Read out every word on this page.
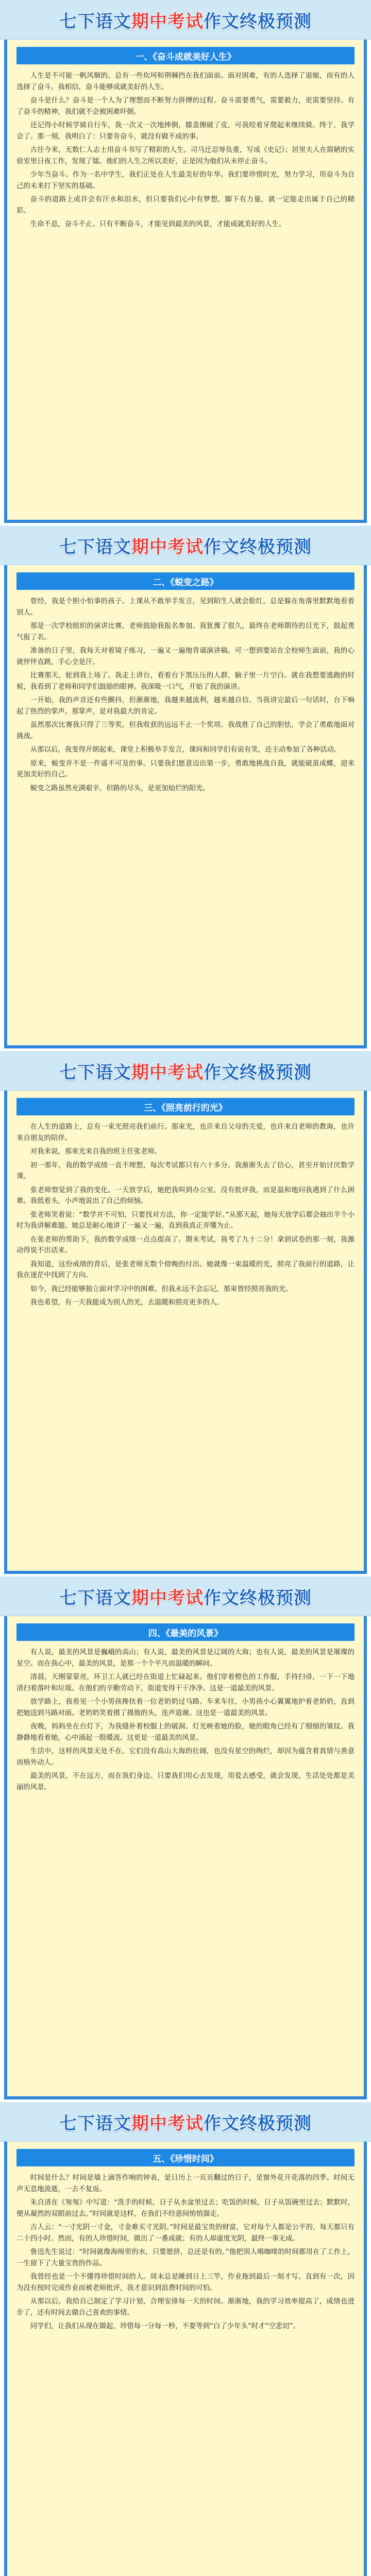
七下语文期中考试作文终极预测
一、《奋斗成就美好人生》

人生是不可能一帆风顺的。总有一些坎坷和荆棘挡在我们面前。面对困难，有的人选择了退缩，而有的人选择了奋斗。我相信，奋斗能够成就美好的人生。

奋斗是什么？奋斗是一个人为了理想而不断努力拼搏的过程。奋斗需要勇气，需要毅力，更需要坚持。有了奋斗的精神，我们就不会被困难吓倒。

还记得小时候学骑自行车，我一次又一次地摔倒，膝盖擦破了皮，可我咬着牙爬起来继续骑。终于，我学会了。那一刻，我明白了：只要肯奋斗，就没有做不成的事。

古往今来，无数仁人志士用奋斗书写了精彩的人生。司马迁忍辱负重，写成《史记》；居里夫人在简陋的实验室里日夜工作，发现了镭。他们的人生之所以美好，正是因为他们从未停止奋斗。

少年当奋斗。作为一名中学生，我们正处在人生最美好的年华。我们要珍惜时光，努力学习，用奋斗为自己的未来打下坚实的基础。

奋斗的道路上或许会有汗水和泪水，但只要我们心中有梦想，脚下有力量，就一定能走出属于自己的精彩。

生命不息，奋斗不止。只有不断奋斗，才能见到最美的风景，才能成就美好的人生。

七下语文期中考试作文终极预测
二、《蜕变之路》

曾经，我是个胆小怕事的孩子。上课从不敢举手发言，见到陌生人就会脸红，总是躲在角落里默默地看着别人。

那是一次学校组织的演讲比赛，老师鼓励我报名参加。我犹豫了很久，最终在老师期待的目光下，鼓起勇气报了名。

准备的日子里，我每天对着镜子练习，一遍又一遍地背诵演讲稿。可一想到要站在全校师生面前，我的心就怦怦直跳，手心全是汗。

比赛那天，轮到我上场了。我走上讲台，看着台下黑压压的人群，脑子里一片空白。就在我想要逃跑的时候，我看到了老师和同学们鼓励的眼神。我深吸一口气，开始了我的演讲。

一开始，我的声音还有些颤抖，但渐渐地，我越来越流利，越来越自信。当我讲完最后一句话时，台下响起了热烈的掌声。那掌声，是对我最大的肯定。

虽然那次比赛我只得了三等奖，但我收获的远远不止一个奖项。我战胜了自己的胆怯，学会了勇敢地面对挑战。

从那以后，我变得开朗起来，课堂上积极举手发言，课间和同学们有说有笑，还主动参加了各种活动。

原来，蜕变并不是一件遥不可及的事。只要我们愿意迈出第一步，勇敢地挑战自我，就能破茧成蝶，迎来更加美好的自己。

蜕变之路虽然充满艰辛，但路的尽头，是更加灿烂的阳光。

七下语文期中考试作文终极预测
三、《照亮前行的光》

在人生的道路上，总有一束光照亮我们前行。那束光，也许来自父母的关爱，也许来自老师的教诲，也许来自朋友的陪伴。

对我来说，那束光来自我的班主任张老师。

初一那年，我的数学成绩一直不理想，每次考试都只有六十多分。我渐渐失去了信心，甚至开始讨厌数学课。

张老师察觉到了我的变化。一天放学后，她把我叫到办公室，没有批评我，而是温和地问我遇到了什么困难。我低着头，小声地说出了自己的烦恼。

张老师笑着说：“数学并不可怕，只要找对方法，你一定能学好。”从那天起，她每天放学后都会抽出半个小时为我讲解难题。她总是耐心地讲了一遍又一遍，直到我真正弄懂为止。

在张老师的帮助下，我的数学成绩一点点提高了。期末考试，我考了九十二分！拿到试卷的那一刻，我激动得说不出话来。

我知道，这份成绩的背后，是张老师无数个傍晚的付出。她就像一束温暖的光，照亮了我前行的道路，让我在迷茫中找到了方向。

如今，我已经能够独立面对学习中的困难。但我永远不会忘记，那束曾经照亮我的光。

我也希望，有一天我能成为别人的光，去温暖和照亮更多的人。

七下语文期中考试作文终极预测
四、《最美的风景》

有人说，最美的风景是巍峨的高山；有人说，最美的风景是辽阔的大海；也有人说，最美的风景是璀璨的星空。而在我心中，最美的风景，是那一个个平凡而温暖的瞬间。

清晨，天刚蒙蒙亮，环卫工人就已经在街道上忙碌起来。他们穿着橙色的工作服，手持扫帚，一下一下地清扫着落叶和垃圾。在他们的辛勤劳动下，街道变得干干净净。这是一道最美的风景。

放学路上，我看见一个小男孩搀扶着一位老奶奶过马路。车来车往，小男孩小心翼翼地护着老奶奶，直到把她送到马路对面。老奶奶笑着摸了摸他的头，连声道谢。这也是一道最美的风景。

夜晚，妈妈坐在台灯下，为我缝补着校服上的破洞。灯光映着她的脸，她的眼角已经有了细细的皱纹。我静静地看着她，心中涌起一股暖流。这更是一道最美的风景。

生活中，这样的风景无处不在。它们没有高山大海的壮阔，也没有星空的绚烂，却因为蕴含着真情与善意而格外动人。

最美的风景，不在远方，而在我们身边。只要我们用心去发现，用爱去感受，就会发现，生活处处都是美丽的风景。

七下语文期中考试作文终极预测
五、《珍惜时间》

时间是什么？时间是墙上滴答作响的钟表，是日历上一页页翻过的日子，是窗外花开花落的四季。时间无声无息地流逝，一去不复返。

朱自清在《匆匆》中写道：“洗手的时候，日子从水盆里过去；吃饭的时候，日子从饭碗里过去；默默时，便从凝然的双眼前过去。”时间就是这样，在我们不经意间悄悄溜走。

古人云：“一寸光阴一寸金，寸金难买寸光阴。”时间是最宝贵的财富，它对每个人都是公平的，每天都只有二十四小时。然而，有的人珍惜时间，做出了一番成就；有的人却虚度光阴，最终一事无成。

鲁迅先生说过：“时间就像海绵里的水，只要愿挤，总还是有的。”他把别人喝咖啡的时间都用在了工作上，一生留下了大量宝贵的作品。

我曾经也是一个不懂得珍惜时间的人。周末总是睡到日上三竿，作业拖到最后一刻才写。直到有一次，因为没有按时完成作业而被老师批评，我才意识到浪费时间的可怕。

从那以后，我给自己制定了学习计划，合理安排每一天的时间。渐渐地，我的学习效率提高了，成绩也进步了，还有时间去做自己喜欢的事情。

同学们，让我们从现在做起，珍惜每一分每一秒，不要等到“白了少年头”时才“空悲切”。
